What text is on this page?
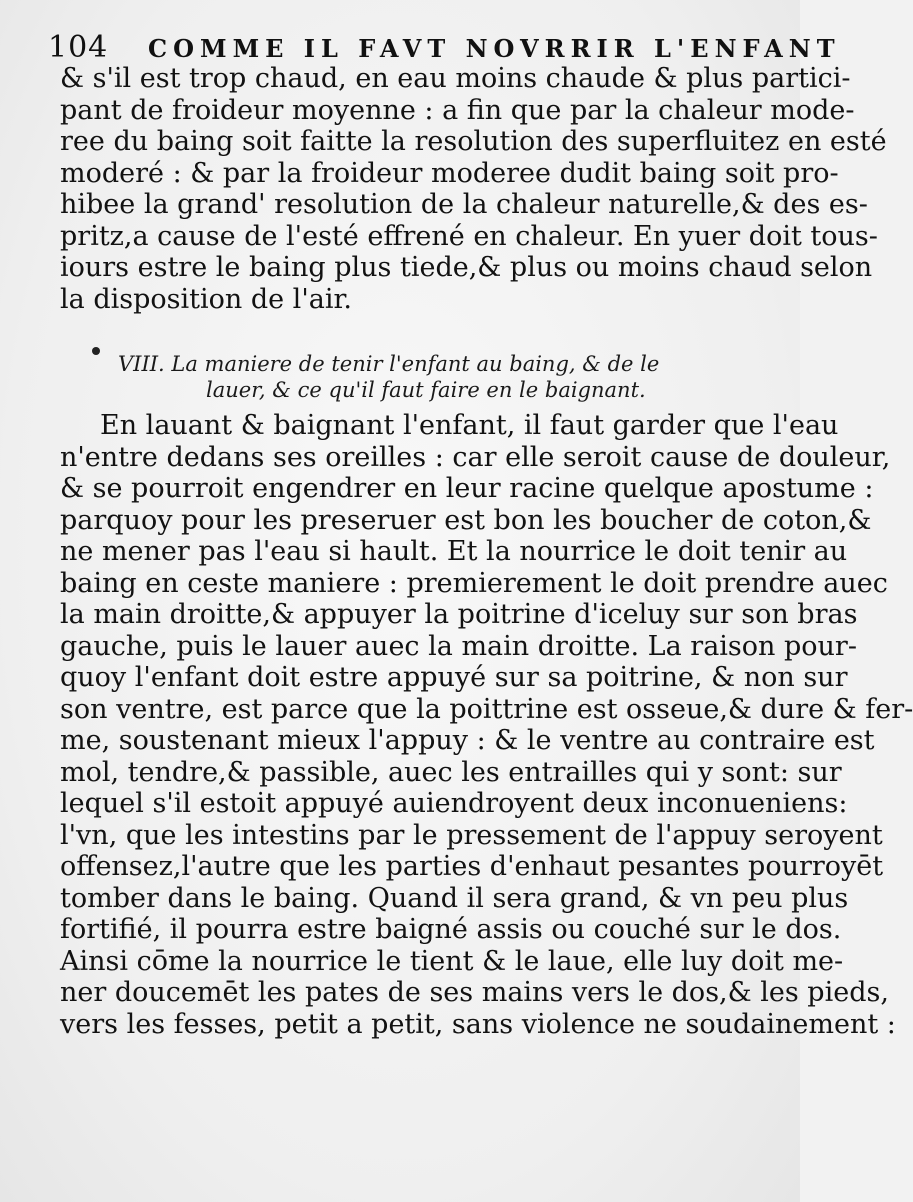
104 COMME IL FAVT NOVRRIR L'ENFANT
& s'il est trop chaud, en eau moins chaude & plus partici-
pant de froideur moyenne : a fin que par la chaleur mode-
ree du baing soit faitte la resolution des superfluitez en esté
moderé : & par la froideur moderee dudit baing soit pro-
hibee la grand' resolution de la chaleur naturelle,& des es-
pritz,a cause de l'esté effrené en chaleur. En yuer doit tous-
iours estre le baing plus tiede,& plus ou moins chaud selon
la disposition de l'air.
VIII. La maniere de tenir l'enfant au baing, & de le
lauer, & ce qu'il faut faire en le baignant.
En lauant & baignant l'enfant, il faut garder que l'eau
n'entre dedans ses oreilles : car elle seroit cause de douleur,
& se pourroit engendrer en leur racine quelque apostume :
parquoy pour les preseruer est bon les boucher de coton,&
ne mener pas l'eau si hault. Et la nourrice le doit tenir au
baing en ceste maniere : premierement le doit prendre auec
la main droitte,& appuyer la poitrine d'iceluy sur son bras
gauche, puis le lauer auec la main droitte. La raison pour-
quoy l'enfant doit estre appuyé sur sa poitrine, & non sur
son ventre, est parce que la poittrine est osseue,& dure & fer-
me, soustenant mieux l'appuy : & le ventre au contraire est
mol, tendre,& passible, auec les entrailles qui y sont: sur
lequel s'il estoit appuyé auiendroyent deux inconueniens:
l'vn, que les intestins par le pressement de l'appuy seroyent
offensez,l'autre que les parties d'enhaut pesantes pourroyēt
tomber dans le baing. Quand il sera grand, & vn peu plus
fortifié, il pourra estre baigné assis ou couché sur le dos.
Ainsi cōme la nourrice le tient & le laue, elle luy doit me-
ner doucemēt les pates de ses mains vers le dos,& les pieds,
vers les fesses, petit a petit, sans violence ne soudainement :
